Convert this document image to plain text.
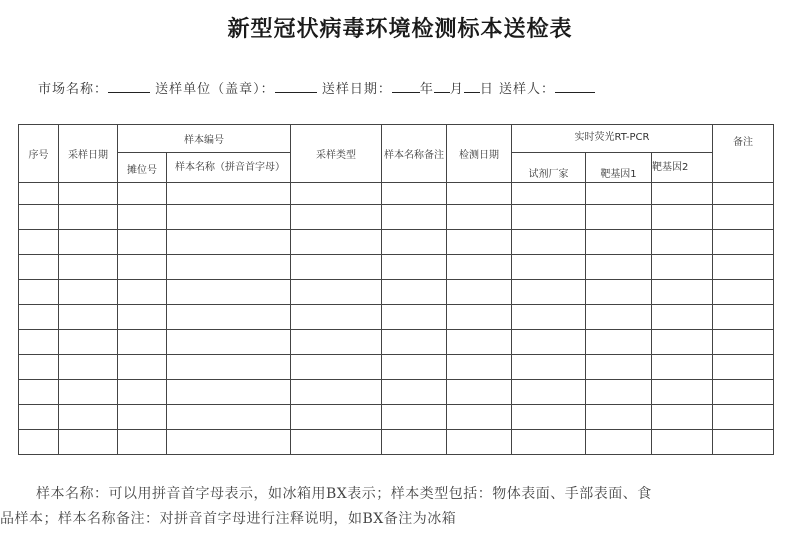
新型冠状病毒环境检测标本送检表
市场名称：	送样单位（盖章）：	送样日期： 年 月 日 送样人：
序号	采样日期	样本编号		采样类型	样本名称备注	检测日期	实时荧光RT-PCR			备注
		摊位号	样本名称（拼音首字母）				试剂厂家	靶基因1	靶基因2	

样本名称：可以用拼音首字母表示，如冰箱用BX表示；样本类型包括：物体表面、手部表面、食
品样本；样本名称备注：对拼音首字母进行注释说明，如BX备注为冰箱
